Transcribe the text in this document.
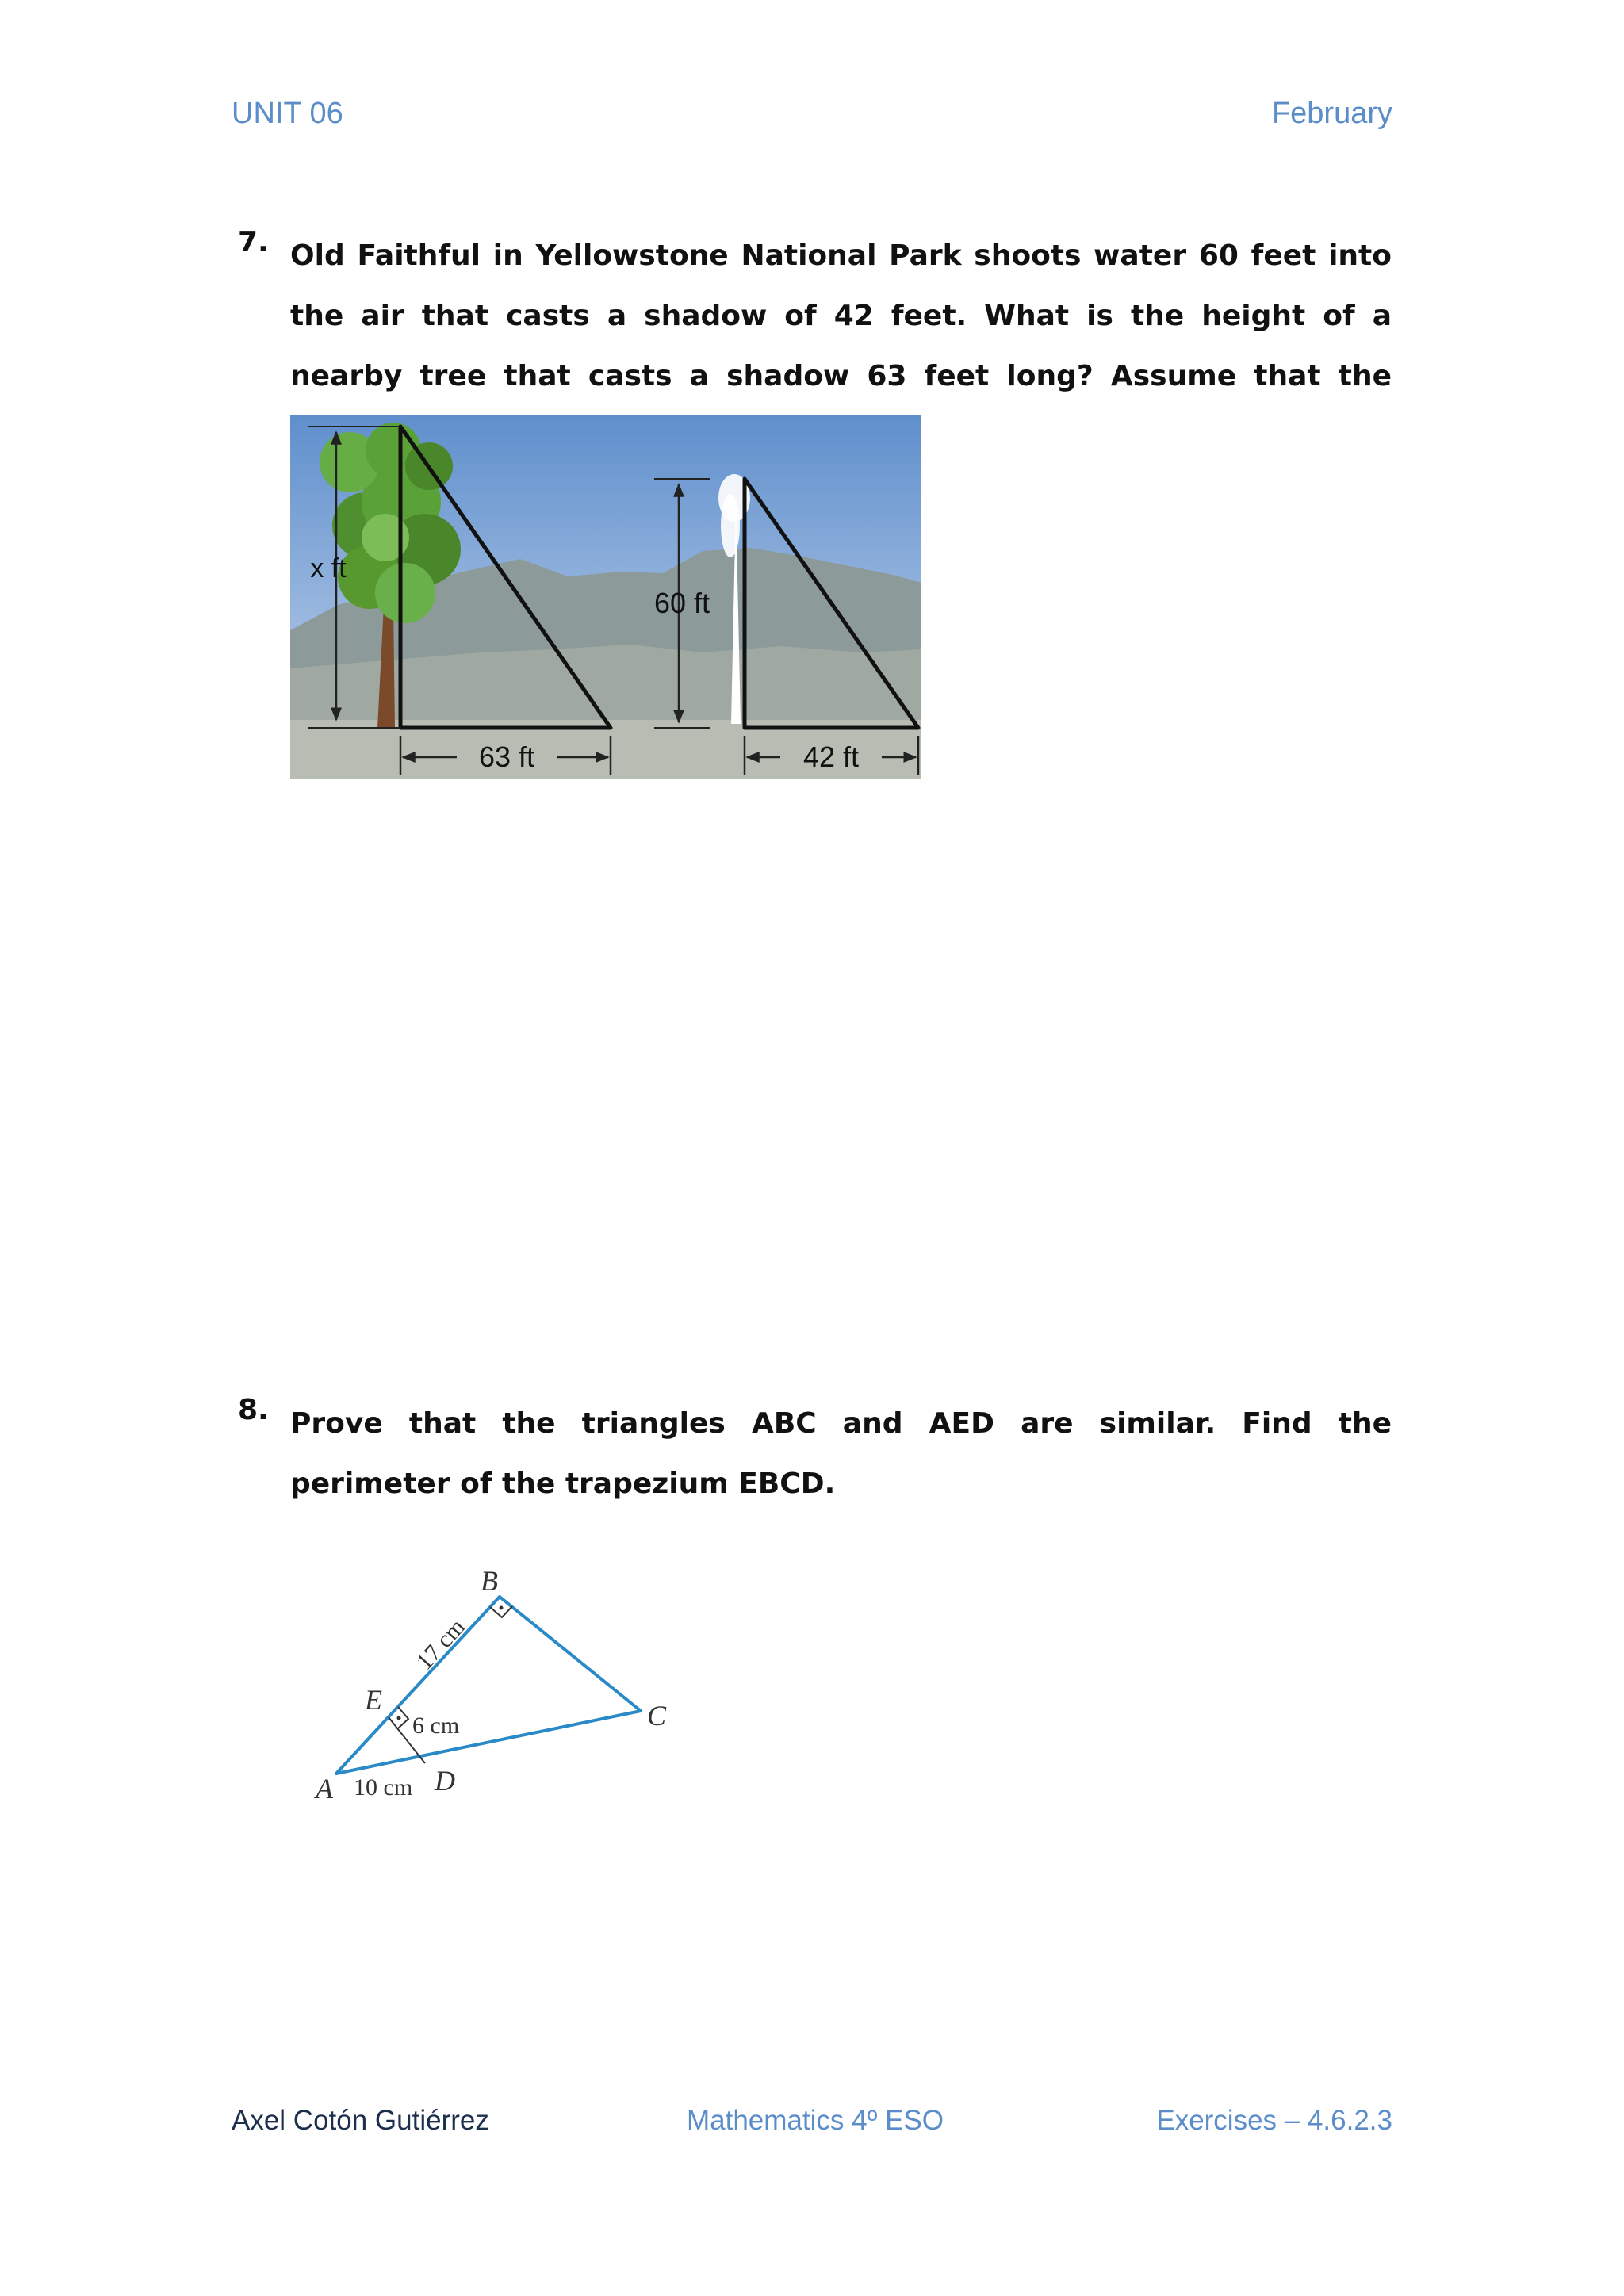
UNIT 06	February
7. Old Faithful in Yellowstone National Park shoots water 60 feet into the air that casts a shadow of 42 feet. What is the height of a nearby tree that casts a shadow 63 feet long? Assume that the
x ft
60 ft
63 ft	42 ft
8. Prove that the triangles ABC and AED are similar. Find the perimeter of the trapezium EBCD.
A
B
C
D
E
17 cm
6 cm
10 cm
Axel Cotón Gutiérrez	Mathematics 4º ESO	Exercises – 4.6.2.3
